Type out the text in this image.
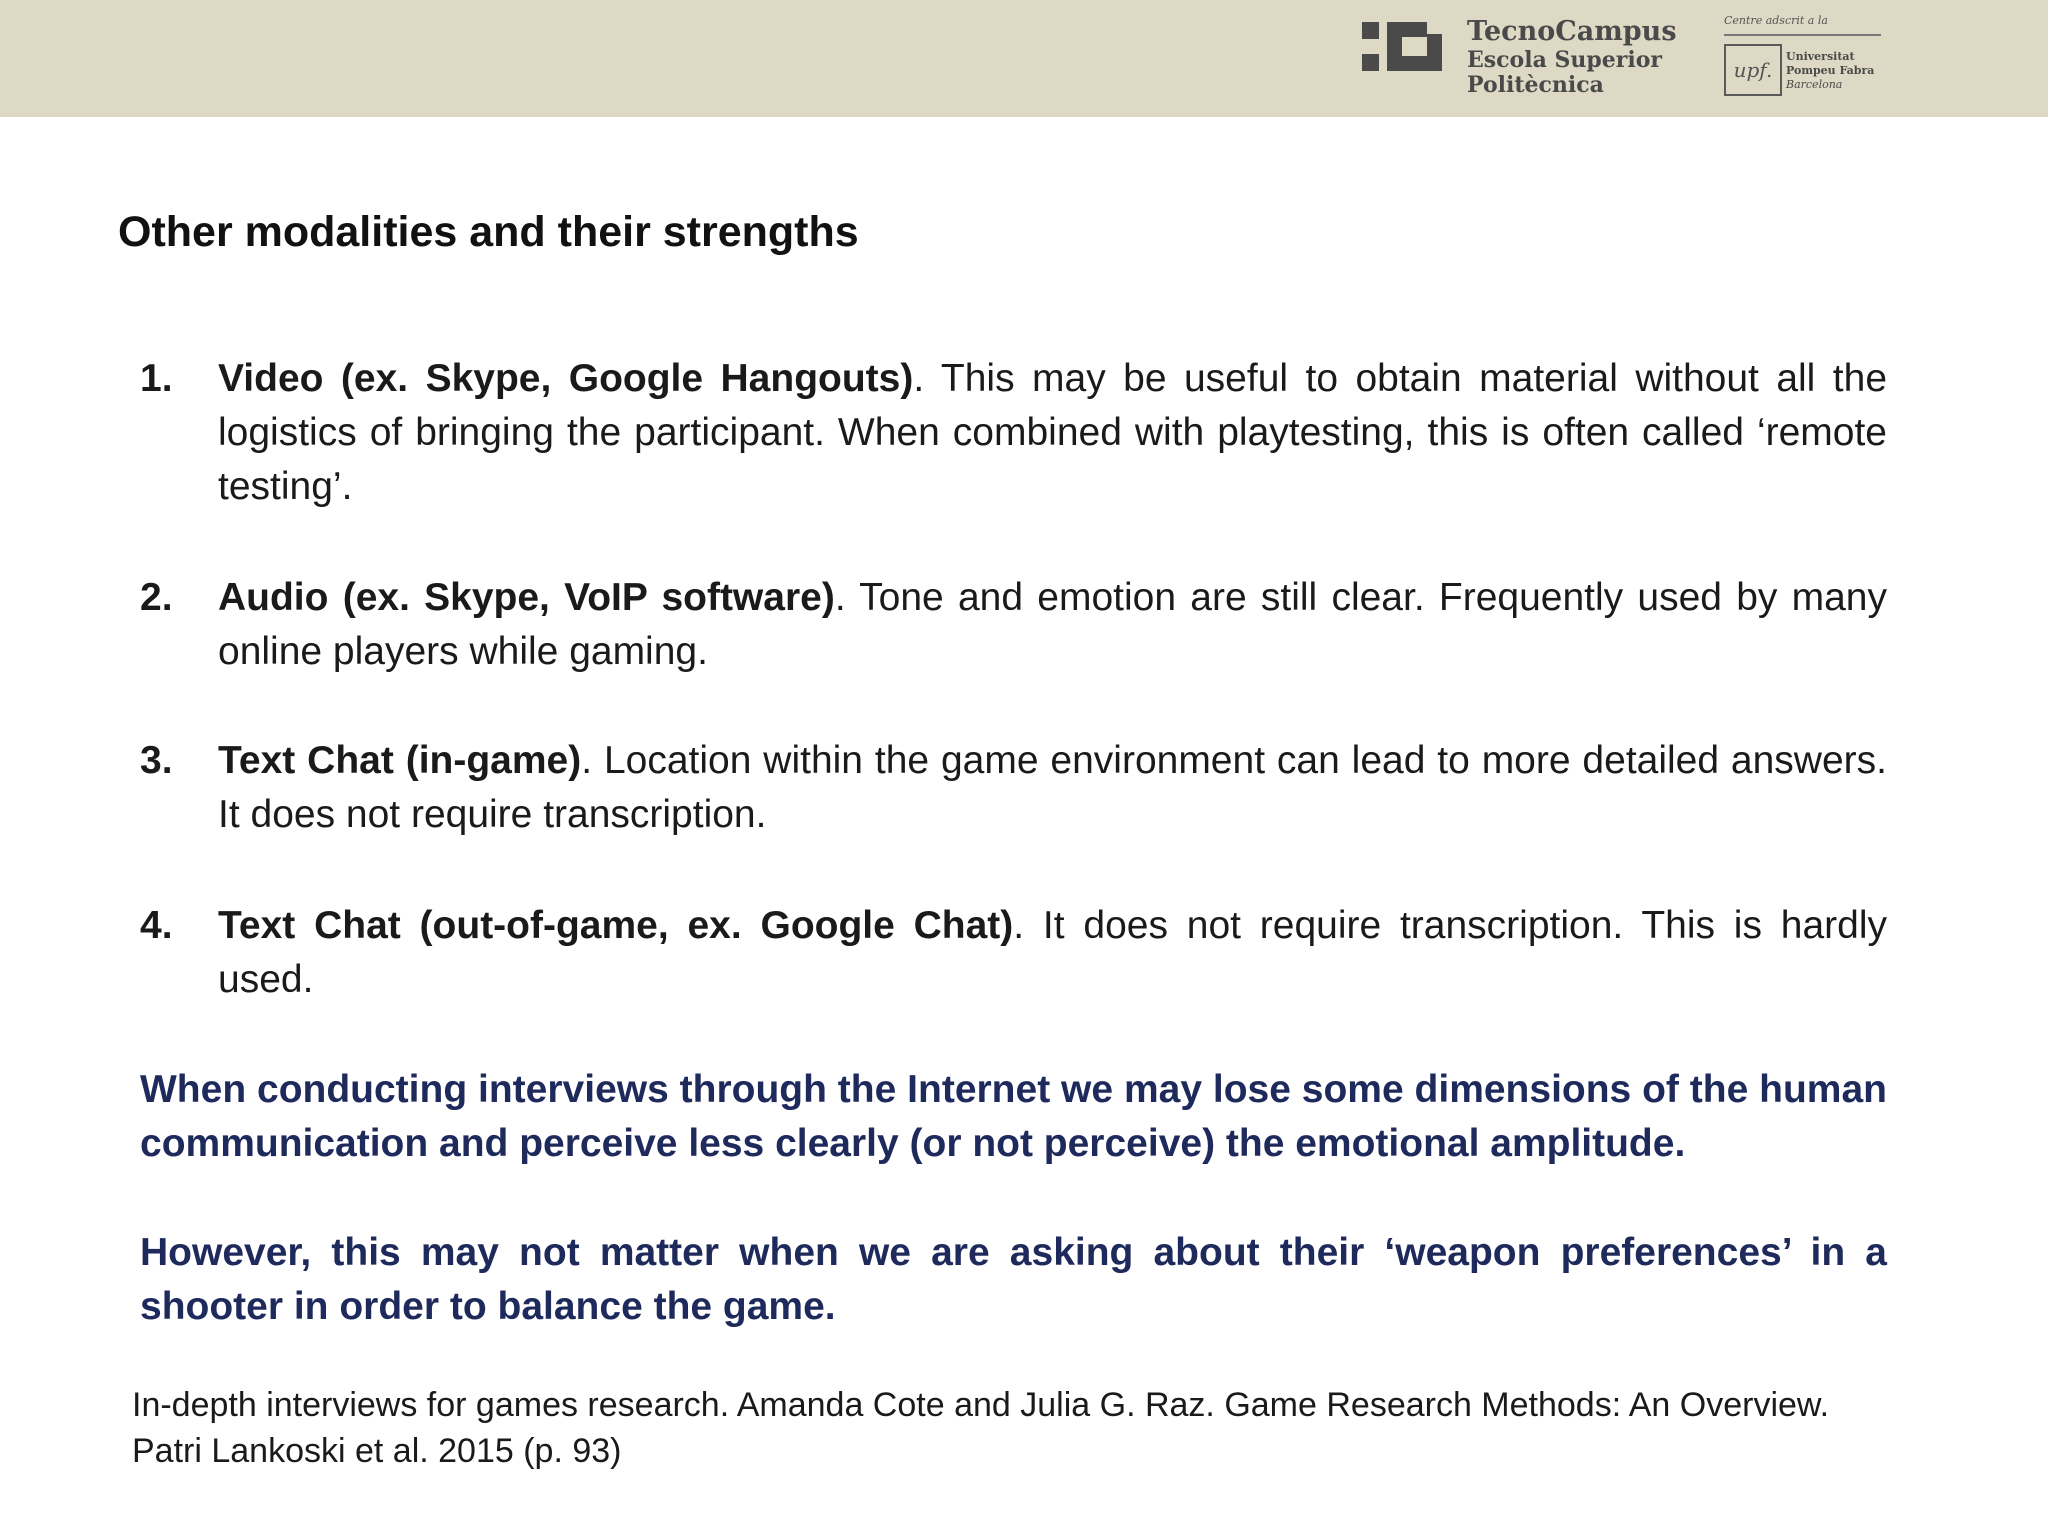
TecnoCampus
Escola Superior
Politècnica
Centre adscrit a la
upf.
Universitat
Pompeu Fabra
Barcelona
Other modalities and their strengths
1. Video (ex. Skype, Google Hangouts). This may be useful to obtain material without all the logistics of bringing the participant. When combined with playtesting, this is often called ‘remote testing’.
2. Audio (ex. Skype, VoIP software). Tone and emotion are still clear. Frequently used by many online players while gaming.
3. Text Chat (in-game). Location within the game environment can lead to more detailed answers. It does not require transcription.
4. Text Chat (out-of-game, ex. Google Chat). It does not require transcription. This is hardly used.
When conducting interviews through the Internet we may lose some dimensions of the human communication and perceive less clearly (or not perceive) the emotional amplitude.
However, this may not matter when we are asking about their ‘weapon preferences’ in a shooter in order to balance the game.
In-depth interviews for games research. Amanda Cote and Julia G. Raz. Game Research Methods: An Overview.
Patri Lankoski et al. 2015 (p. 93)
